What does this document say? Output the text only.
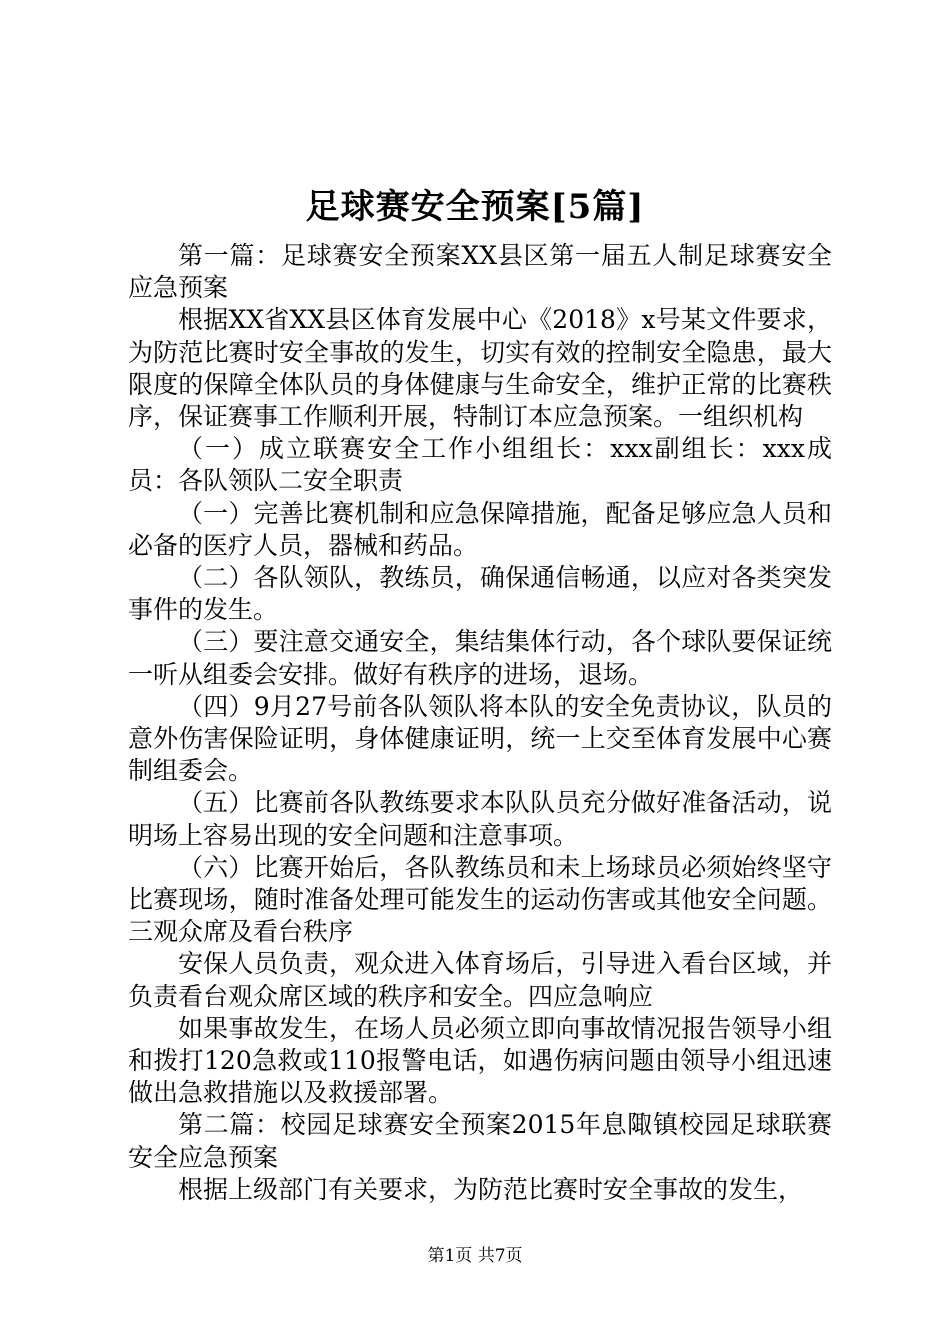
足球赛安全预案[5篇]

第一篇：足球赛安全预案XX县区第一届五人制足球赛安全应急预案

根据XX省XX县区体育发展中心《2018》x号某文件要求，为防范比赛时安全事故的发生，切实有效的控制安全隐患，最大限度的保障全体队员的身体健康与生命安全，维护正常的比赛秩序，保证赛事工作顺利开展，特制订本应急预案。一组织机构

（一）成立联赛安全工作小组组长：xxx副组长：xxx成员：各队领队二安全职责

（一）完善比赛机制和应急保障措施，配备足够应急人员和必备的医疗人员，器械和药品。

（二）各队领队，教练员，确保通信畅通，以应对各类突发事件的发生。

（三）要注意交通安全，集结集体行动，各个球队要保证统一听从组委会安排。做好有秩序的进场，退场。

（四）9月27号前各队领队将本队的安全免责协议，队员的意外伤害保险证明，身体健康证明，统一上交至体育发展中心赛制组委会。

（五）比赛前各队教练要求本队队员充分做好准备活动，说明场上容易出现的安全问题和注意事项。

（六）比赛开始后，各队教练员和未上场球员必须始终坚守比赛现场，随时准备处理可能发生的运动伤害或其他安全问题。三观众席及看台秩序

安保人员负责，观众进入体育场后，引导进入看台区域，并负责看台观众席区域的秩序和安全。四应急响应

如果事故发生，在场人员必须立即向事故情况报告领导小组和拨打120急救或110报警电话，如遇伤病问题由领导小组迅速做出急救措施以及救援部署。

第二篇：校园足球赛安全预案2015年息陬镇校园足球联赛安全应急预案

根据上级部门有关要求，为防范比赛时安全事故的发生，

第1页 共7页
